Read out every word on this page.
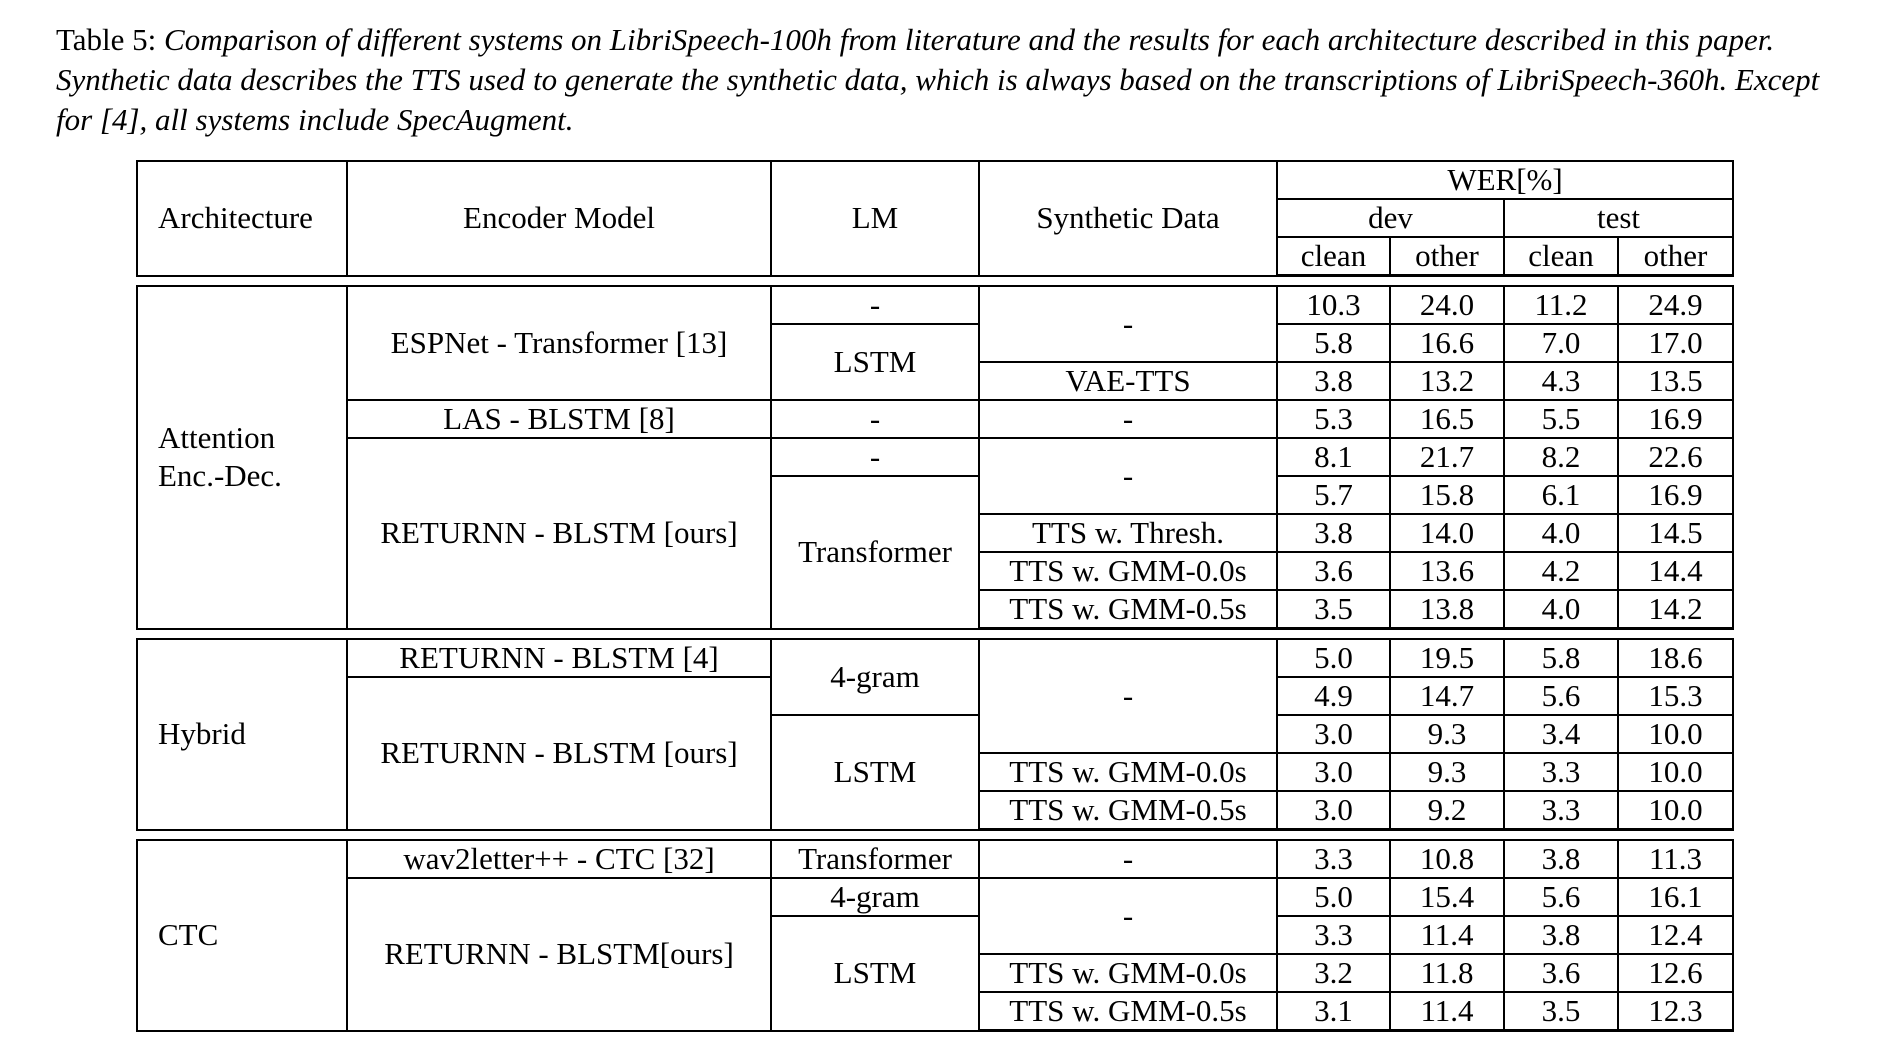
Table 5: Comparison of different systems on LibriSpeech-100h from literature and the results for each architecture described in this paper. Synthetic data describes the TTS used to generate the synthetic data, which is always based on the transcriptions of LibriSpeech-360h. Except for [4], all systems include SpecAugment.
Architecture	Encoder Model	LM	Synthetic Data	WER[%]			
				dev		test	
				clean	other	clean	other

Attention Enc.-Dec.	ESPNet - Transformer [13]	-	-	10.3	24.0	11.2	24.9
		LSTM		5.8	16.6	7.0	17.0
			VAE-TTS	3.8	13.2	4.3	13.5
	LAS - BLSTM [8]	-	-	5.3	16.5	5.5	16.9
	RETURNN - BLSTM [ours]	-	-	8.1	21.7	8.2	22.6
		Transformer		5.7	15.8	6.1	16.9
			TTS w. Thresh.	3.8	14.0	4.0	14.5
			TTS w. GMM-0.0s	3.6	13.6	4.2	14.4
			TTS w. GMM-0.5s	3.5	13.8	4.0	14.2

Hybrid	RETURNN - BLSTM [4]	4-gram	-	5.0	19.5	5.8	18.6
	RETURNN - BLSTM [ours]			4.9	14.7	5.6	15.3
		LSTM		3.0	9.3	3.4	10.0
			TTS w. GMM-0.0s	3.0	9.3	3.3	10.0
			TTS w. GMM-0.5s	3.0	9.2	3.3	10.0

CTC	wav2letter++ - CTC [32]	Transformer	-	3.3	10.8	3.8	11.3
	RETURNN - BLSTM[ours]	4-gram	-	5.0	15.4	5.6	16.1
		LSTM		3.3	11.4	3.8	12.4
			TTS w. GMM-0.0s	3.2	11.8	3.6	12.6
			TTS w. GMM-0.5s	3.1	11.4	3.5	12.3
